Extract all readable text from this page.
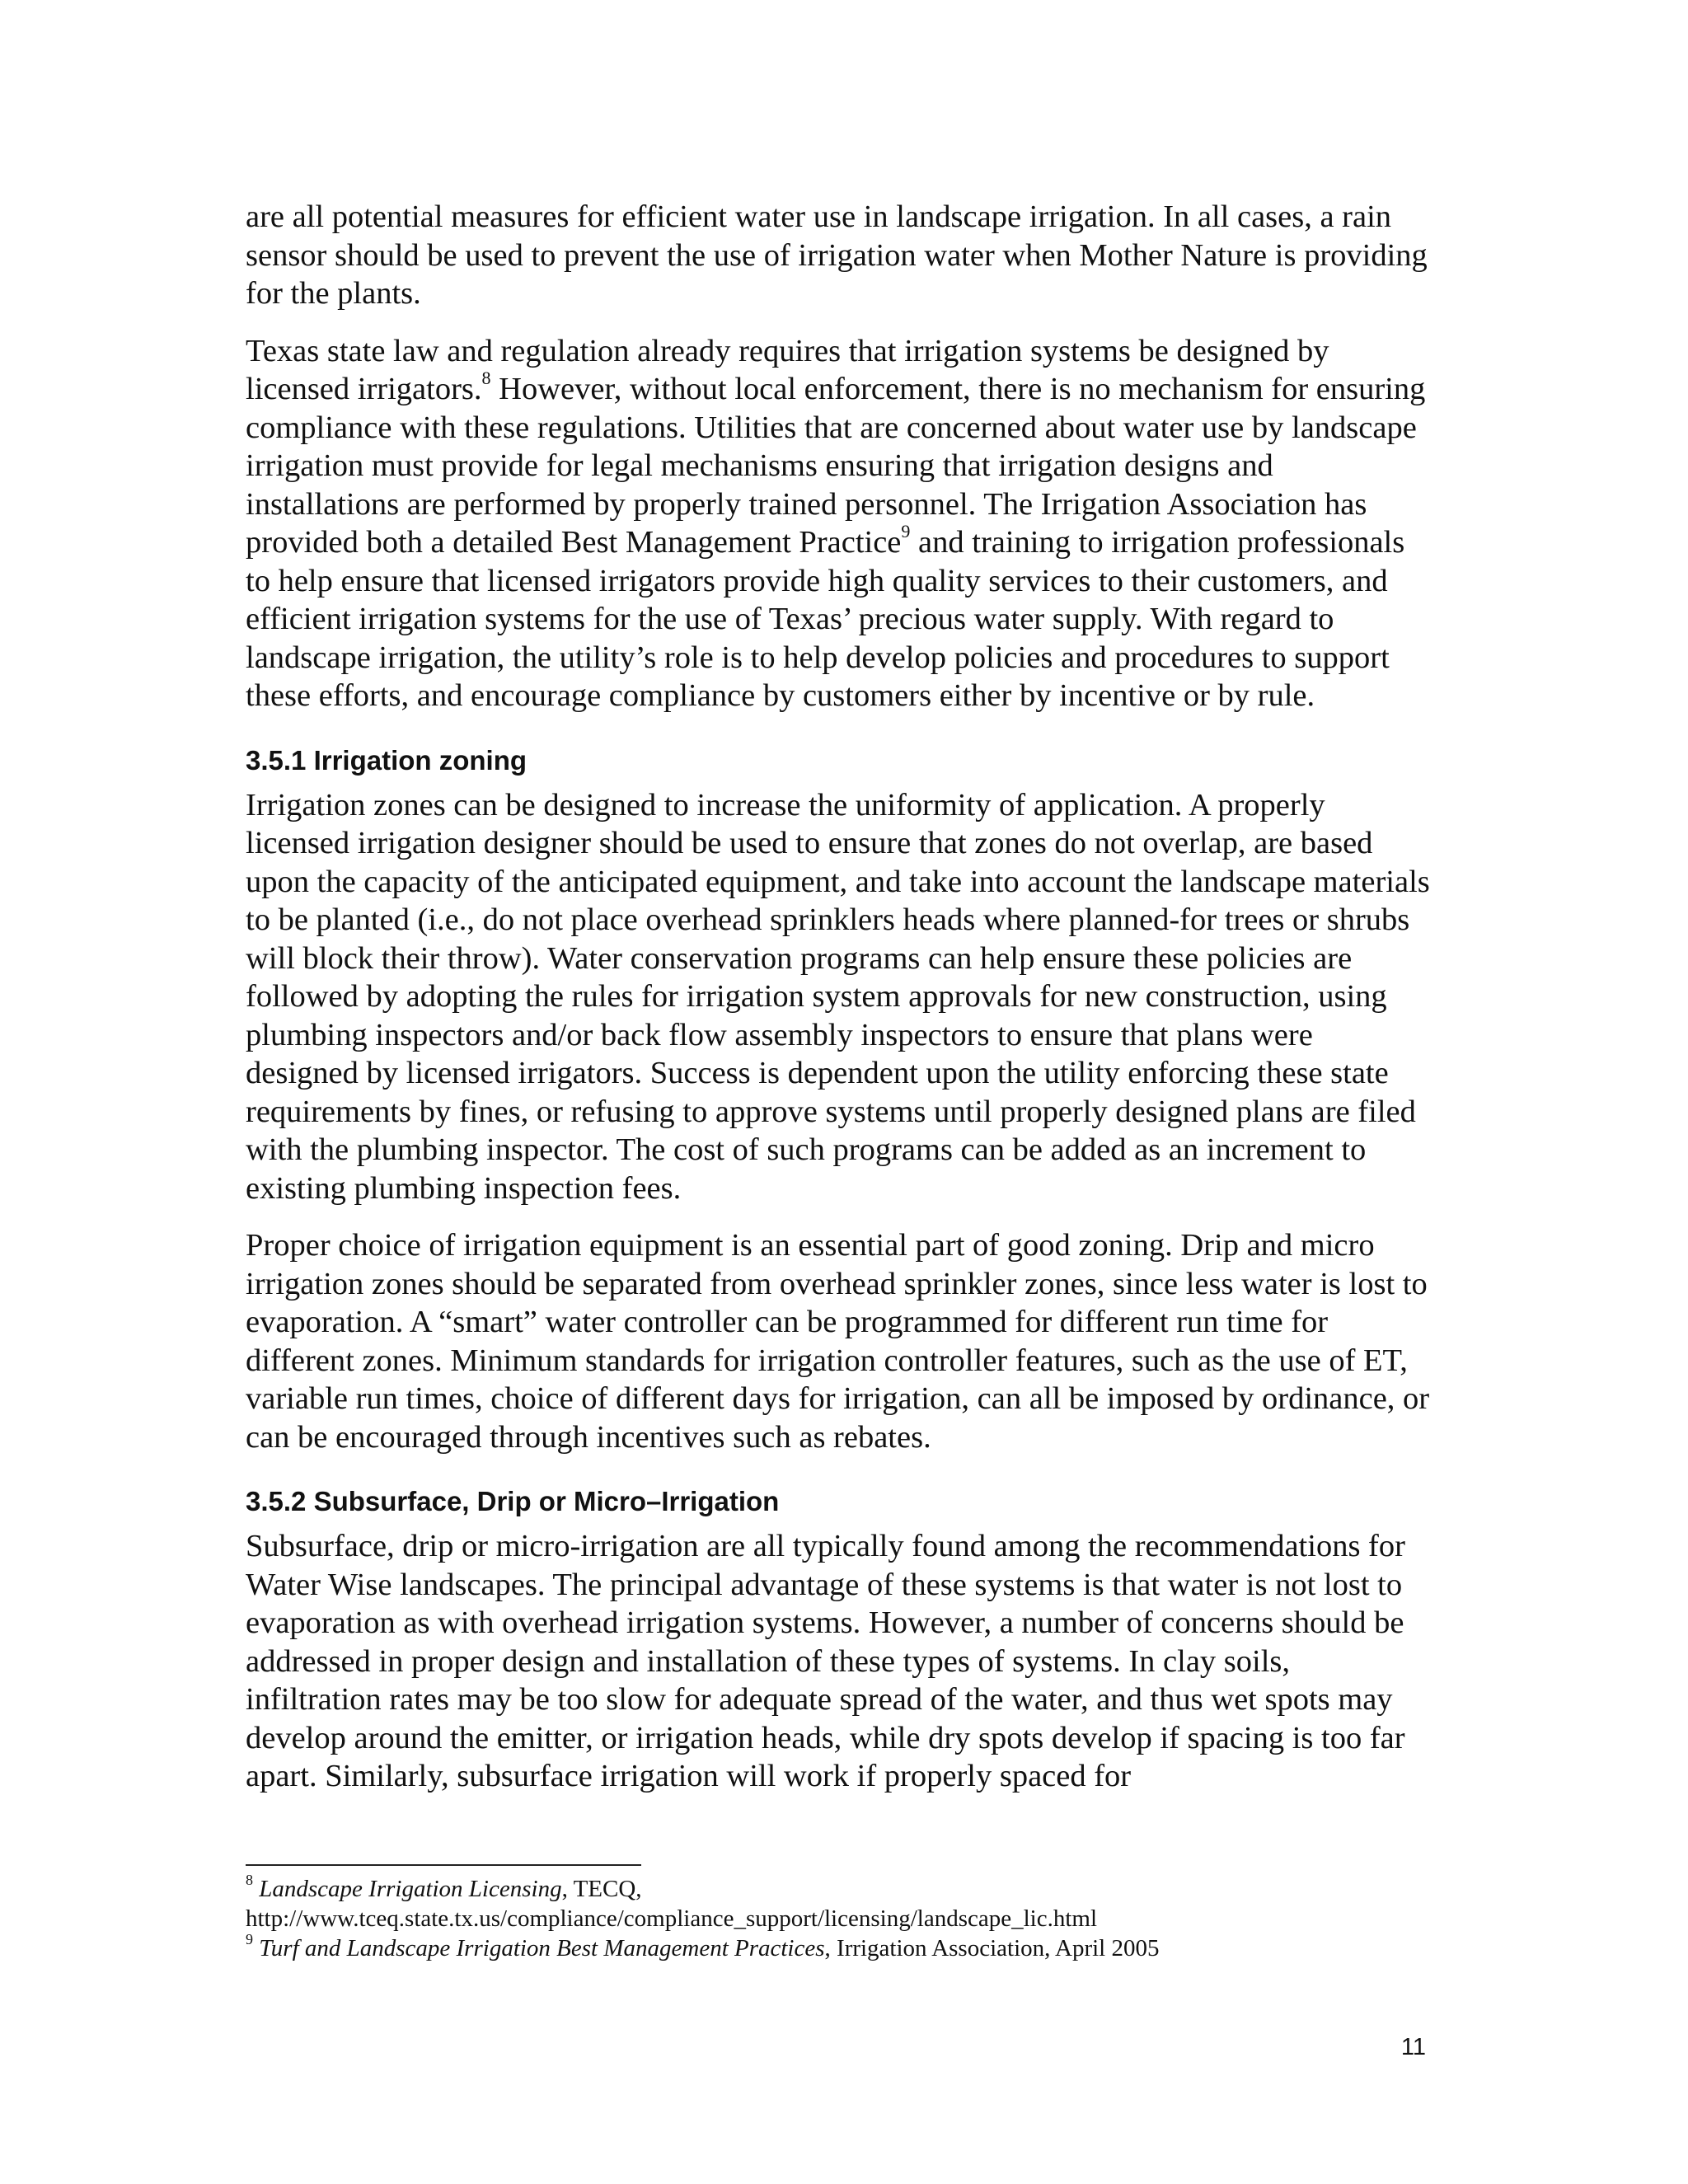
are all potential measures for efficient water use in landscape irrigation. In all cases, a rain sensor should be used to prevent the use of irrigation water when Mother Nature is providing for the plants.

Texas state law and regulation already requires that irrigation systems be designed by licensed irrigators.$^8$ However, without local enforcement, there is no mechanism for ensuring compliance with these regulations. Utilities that are concerned about water use by landscape irrigation must provide for legal mechanisms ensuring that irrigation designs and installations are performed by properly trained personnel. The Irrigation Association has provided both a detailed Best Management Practice$^9$ and training to irrigation professionals to help ensure that licensed irrigators provide high quality services to their customers, and efficient irrigation systems for the use of Texas’ precious water supply. With regard to landscape irrigation, the utility’s role is to help develop policies and procedures to support these efforts, and encourage compliance by customers either by incentive or by rule.

3.5.1 Irrigation zoning

Irrigation zones can be designed to increase the uniformity of application. A properly licensed irrigation designer should be used to ensure that zones do not overlap, are based upon the capacity of the anticipated equipment, and take into account the landscape materials to be planted (i.e., do not place overhead sprinklers heads where planned-for trees or shrubs will block their throw). Water conservation programs can help ensure these policies are followed by adopting the rules for irrigation system approvals for new construction, using plumbing inspectors and/or back flow assembly inspectors to ensure that plans were designed by licensed irrigators. Success is dependent upon the utility enforcing these state requirements by fines, or refusing to approve systems until properly designed plans are filed with the plumbing inspector. The cost of such programs can be added as an increment to existing plumbing inspection fees.

Proper choice of irrigation equipment is an essential part of good zoning. Drip and micro irrigation zones should be separated from overhead sprinkler zones, since less water is lost to evaporation. A “smart” water controller can be programmed for different run time for different zones. Minimum standards for irrigation controller features, such as the use of ET, variable run times, choice of different days for irrigation, can all be imposed by ordinance, or can be encouraged through incentives such as rebates.

3.5.2 Subsurface, Drip or Micro–Irrigation

Subsurface, drip or micro-irrigation are all typically found among the recommendations for Water Wise landscapes. The principal advantage of these systems is that water is not lost to evaporation as with overhead irrigation systems. However, a number of concerns should be addressed in proper design and installation of these types of systems. In clay soils, infiltration rates may be too slow for adequate spread of the water, and thus wet spots may develop around the emitter, or irrigation heads, while dry spots develop if spacing is too far apart. Similarly, subsurface irrigation will work if properly spaced for

$^8$ Landscape Irrigation Licensing, TECQ,

http://www.tceq.state.tx.us/compliance/compliance_support/licensing/landscape_lic.html

$^9$ Turf and Landscape Irrigation Best Management Practices, Irrigation Association, April 2005

11
